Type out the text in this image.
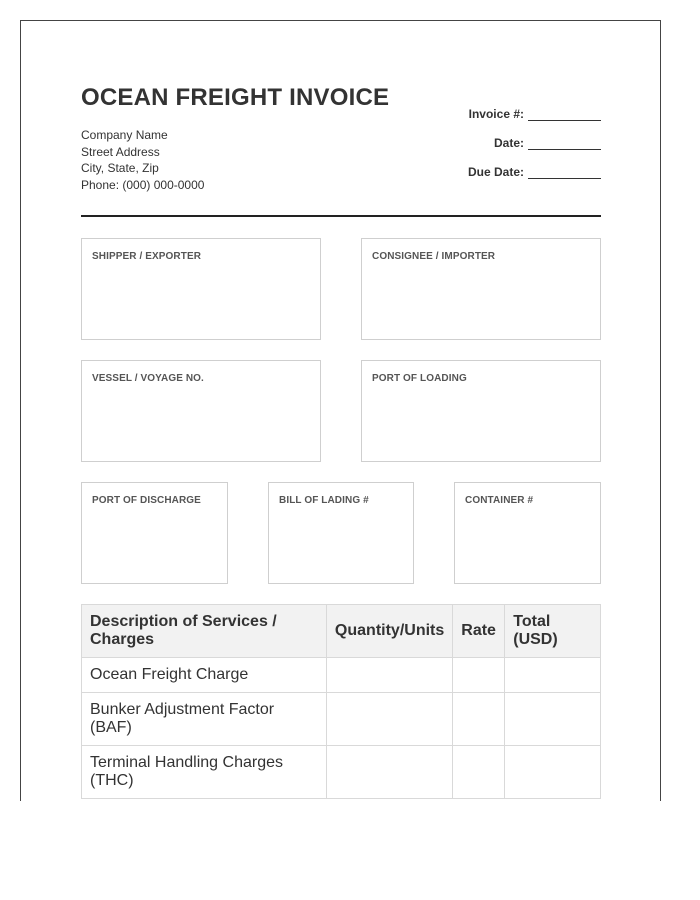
OCEAN FREIGHT INVOICE
Company Name
Street Address
City, State, Zip
Phone: (000) 000-0000
Invoice #:
Date:
Due Date:
SHIPPER / EXPORTER	CONSIGNEE / IMPORTER
VESSEL / VOYAGE NO.	PORT OF LOADING
PORT OF DISCHARGE	BILL OF LADING #	CONTAINER #
Description of Services / Charges	Quantity/Units	Rate	Total (USD)
Ocean Freight Charge			
Bunker Adjustment Factor (BAF)			
Terminal Handling Charges (THC)			
